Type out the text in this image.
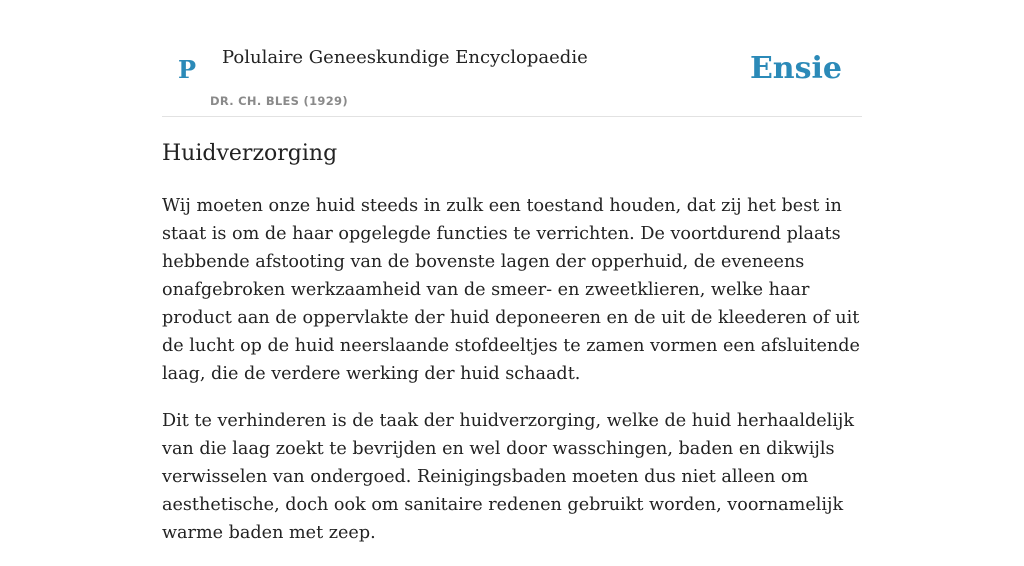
P Polulaire Geneeskundige Encyclopaedie
DR. CH. BLES (1929)
Ensie
Huidverzorging

Wij moeten onze huid steeds in zulk een toestand houden, dat zij het best in staat is om de haar opgelegde functies te verrichten. De voortdurend plaats hebbende afstooting van de bovenste lagen der opperhuid, de eveneens onafgebroken werkzaamheid van de smeer- en zweetklieren, welke haar product aan de oppervlakte der huid deponeeren en de uit de kleederen of uit de lucht op de huid neerslaande stofdeeltjes te zamen vormen een afsluitende laag, die de verdere werking der huid schaadt.

Dit te verhinderen is de taak der huidverzorging, welke de huid herhaaldelijk van die laag zoekt te bevrijden en wel door wasschingen, baden en dikwijls verwisselen van ondergoed. Reinigingsbaden moeten dus niet alleen om aesthetische, doch ook om sanitaire redenen gebruikt worden, voornamelijk warme baden met zeep.
